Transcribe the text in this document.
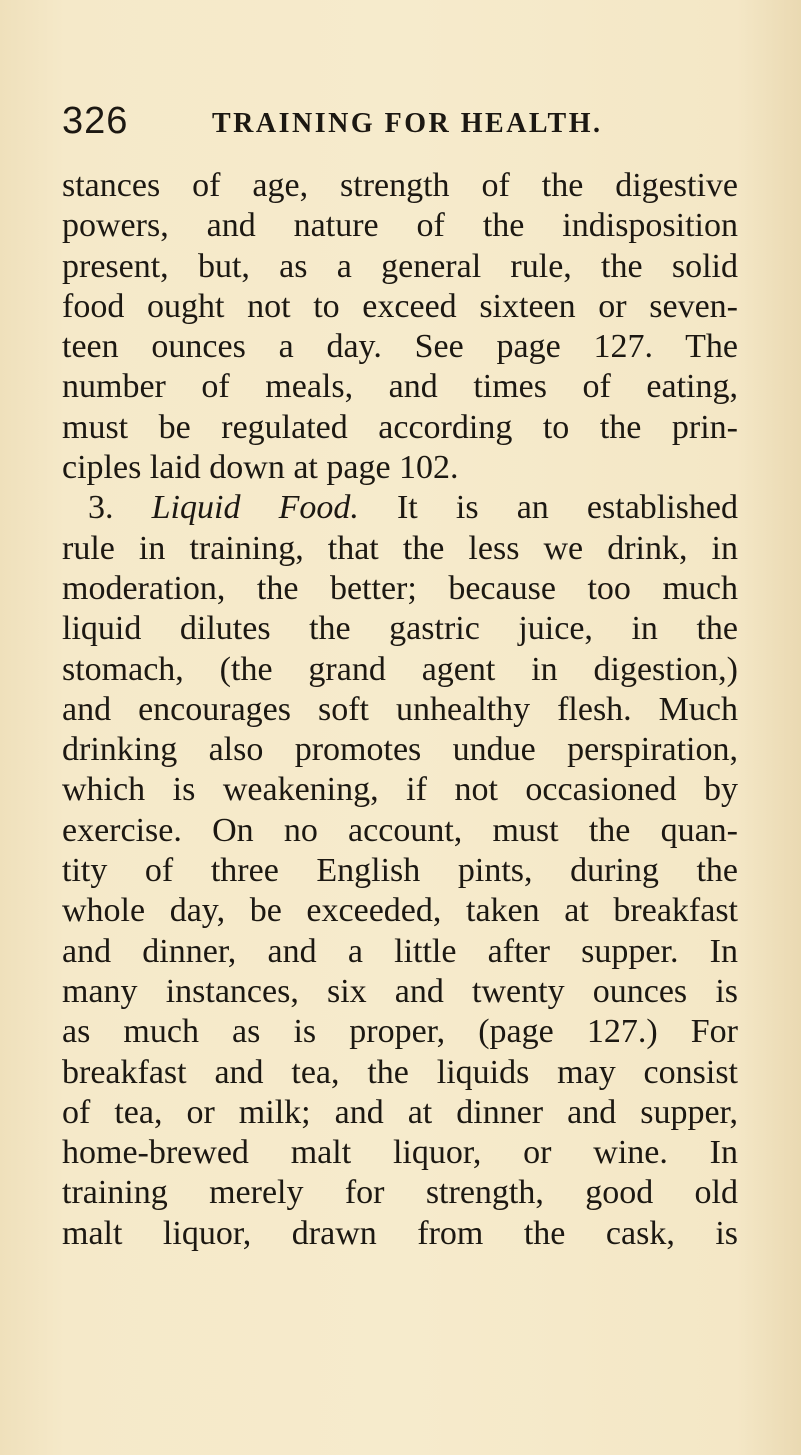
326	TRAINING FOR HEALTH.
stances of age, strength of the digestive
powers, and nature of the indisposition
present, but, as a general rule, the solid
food ought not to exceed sixteen or seven-
teen ounces a day. See page 127. The
number of meals, and times of eating,
must be regulated according to the prin-
ciples laid down at page 102.
3. Liquid Food. It is an established
rule in training, that the less we drink, in
moderation, the better; because too much
liquid dilutes the gastric juice, in the
stomach, (the grand agent in digestion,)
and encourages soft unhealthy flesh. Much
drinking also promotes undue perspiration,
which is weakening, if not occasioned by
exercise. On no account, must the quan-
tity of three English pints, during the
whole day, be exceeded, taken at breakfast
and dinner, and a little after supper. In
many instances, six and twenty ounces is
as much as is proper, (page 127.) For
breakfast and tea, the liquids may consist
of tea, or milk; and at dinner and supper,
home-brewed malt liquor, or wine. In
training merely for strength, good old
malt liquor, drawn from the cask, is
